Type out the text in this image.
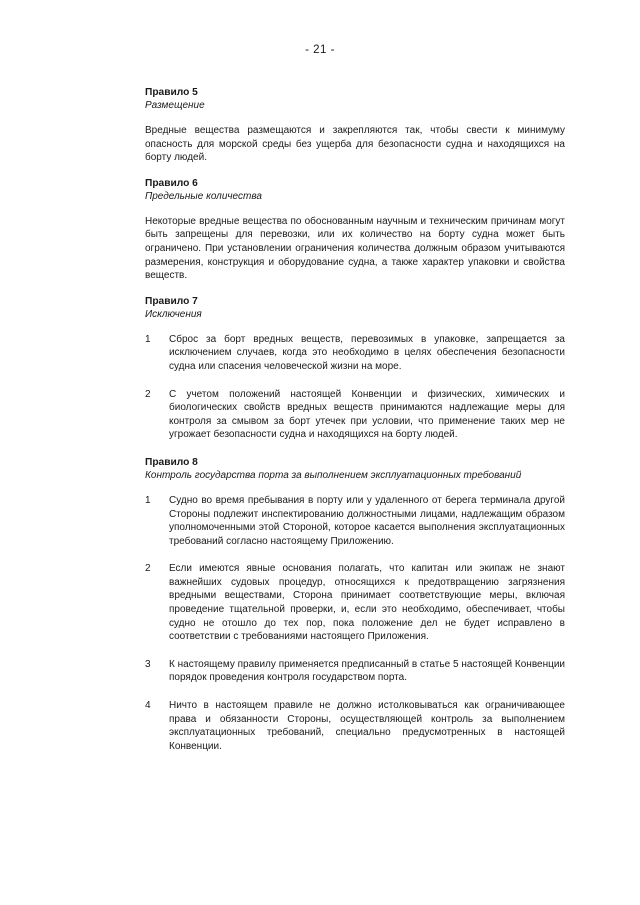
- 21 -
Правило 5
Размещение

Вредные вещества размещаются и закрепляются так, чтобы свести к минимуму опасность для морской среды без ущерба для безопасности судна и находящихся на борту людей.

Правило 6
Предельные количества

Некоторые вредные вещества по обоснованным научным и техническим причинам могут быть запрещены для перевозки, или их количество на борту судна может быть ограничено. При установлении ограничения количества должным образом учитываются размерения, конструкция и оборудование судна, а также характер упаковки и свойства веществ.

Правило 7
Исключения
1	Сброс за борт вредных веществ, перевозимых в упаковке, запрещается за исключением случаев, когда это необходимо в целях обеспечения безопасности судна или спасения человеческой жизни на море.
2	С учетом положений настоящей Конвенции и физических, химических и биологических свойств вредных веществ принимаются надлежащие меры для контроля за смывом за борт утечек при условии, что применение таких мер не угрожает безопасности судна и находящихся на борту людей.
Правило 8
Контроль государства порта за выполнением эксплуатационных требований
1	Судно во время пребывания в порту или у удаленного от берега терминала другой Стороны подлежит инспектированию должностными лицами, надлежащим образом уполномоченными этой Стороной, которое касается выполнения эксплуатационных требований согласно настоящему Приложению.
2	Если имеются явные основания полагать, что капитан или экипаж не знают важнейших судовых процедур, относящихся к предотвращению загрязнения вредными веществами, Сторона принимает соответствующие меры, включая проведение тщательной проверки, и, если это необходимо, обеспечивает, чтобы судно не отошло до тех пор, пока положение дел не будет исправлено в соответствии с требованиями настоящего Приложения.
3	К настоящему правилу применяется предписанный в статье 5 настоящей Конвенции порядок проведения контроля государством порта.
4	Ничто в настоящем правиле не должно истолковываться как ограничивающее права и обязанности Стороны, осуществляющей контроль за выполнением эксплуатационных требований, специально предусмотренных в настоящей Конвенции.
